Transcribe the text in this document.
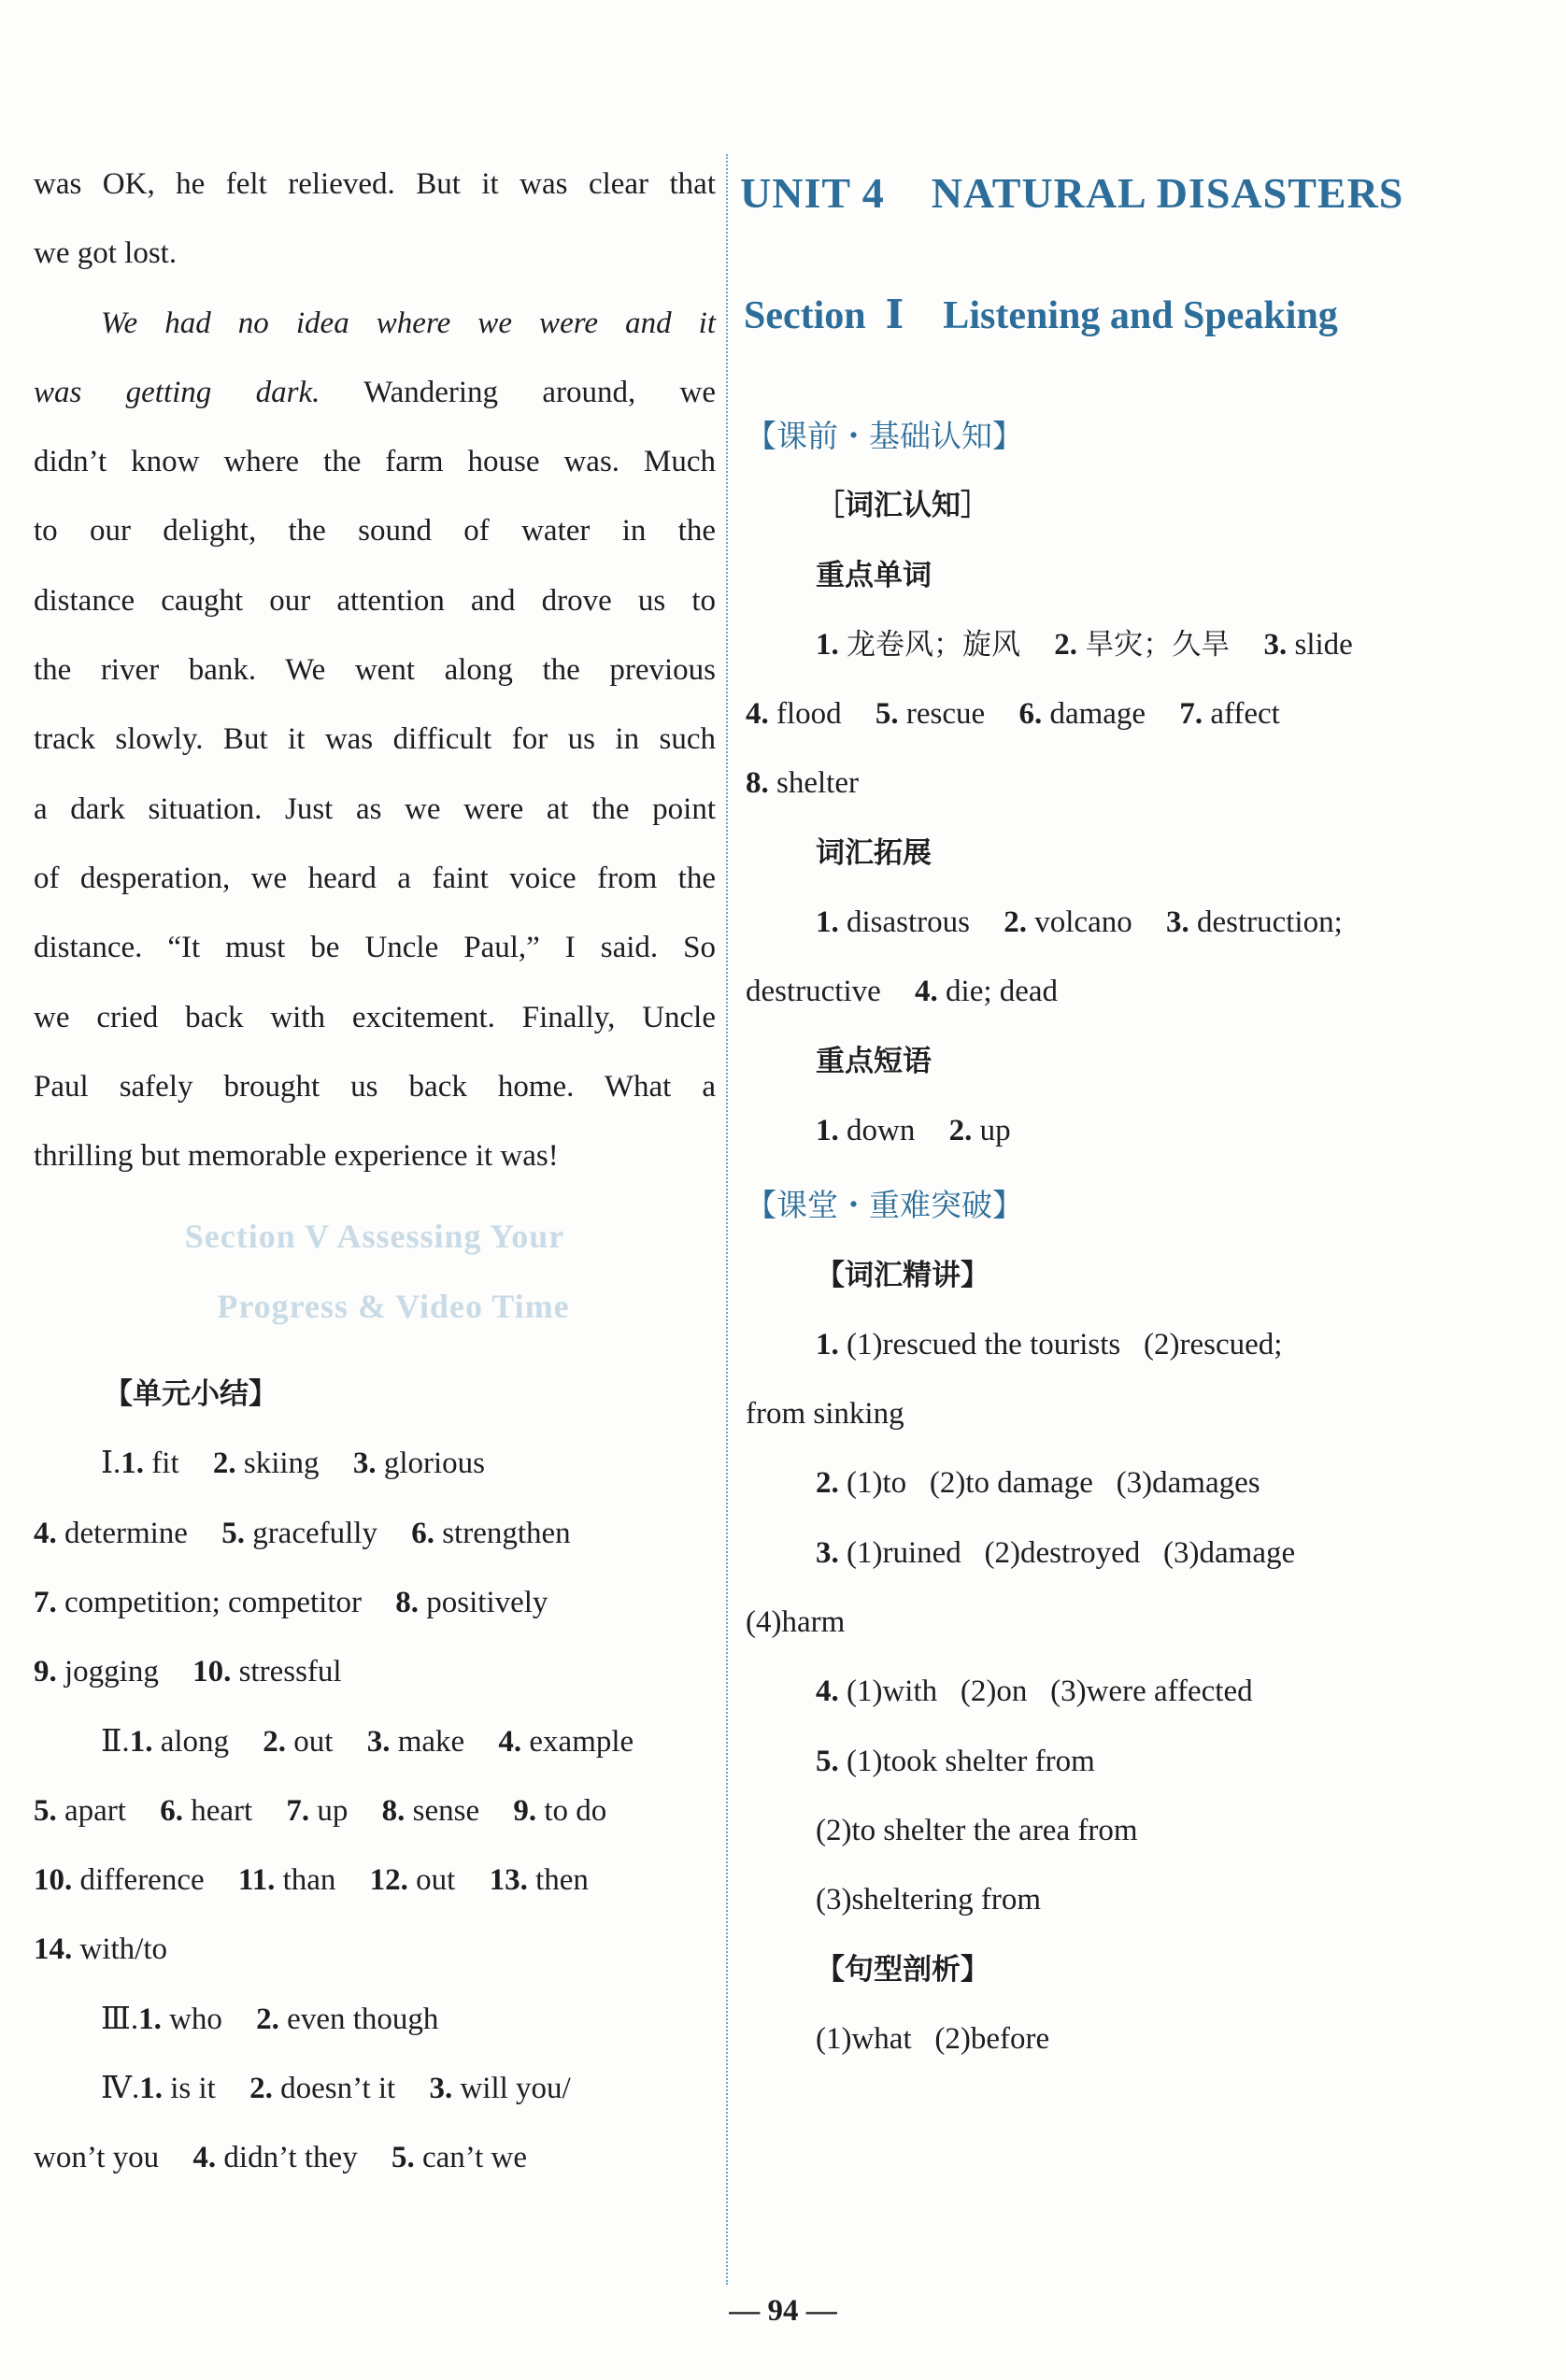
was OK, he felt relieved. But it was clear that
we got lost.
We had no idea where we were and it
was getting dark. Wandering around, we
didn’t know where the farm house was. Much
to our delight, the sound of water in the
distance caught our attention and drove us to
the river bank. We went along the previous
track slowly. But it was difficult for us in such
a dark situation. Just as we were at the point
of desperation, we heard a faint voice from the
distance. “It must be Uncle Paul,” I said. So
we cried back with excitement. Finally, Uncle
Paul safely brought us back home. What a
thrilling but memorable experience it was!
Section V Assessing Your
Progress & Video Time
【单元小结】
Ⅰ.1. fit 2. skiing 3. glorious
4. determine 5. gracefully 6. strengthen
7. competition; competitor 8. positively
9. jogging 10. stressful
Ⅱ.1. along 2. out 3. make 4. example
5. apart 6. heart 7. up 8. sense 9. to do
10. difference 11. than 12. out 13. then
14. with/to
Ⅲ.1. who 2. even though
Ⅳ.1. is it 2. doesn’t it 3. will you/
won’t you 4. didn’t they 5. can’t we
UNIT 4    NATURAL DISASTERS
Section  Ⅰ    Listening and Speaking
【课前・基础认知】
［词汇认知］
重点单词
1. 龙卷风；旋风 2. 旱灾；久旱 3. slide
4. flood 5. rescue 6. damage 7. affect
8. shelter
词汇拓展
1. disastrous 2. volcano 3. destruction;
destructive 4. die; dead
重点短语
1. down 2. up
【课堂・重难突破】
【词汇精讲】
1. (1)rescued the tourists   (2)rescued;
from sinking
2. (1)to   (2)to damage   (3)damages
3. (1)ruined   (2)destroyed   (3)damage
(4)harm
4. (1)with   (2)on   (3)were affected
5. (1)took shelter from
(2)to shelter the area from
(3)sheltering from
【句型剖析】
(1)what   (2)before
— 94 —
